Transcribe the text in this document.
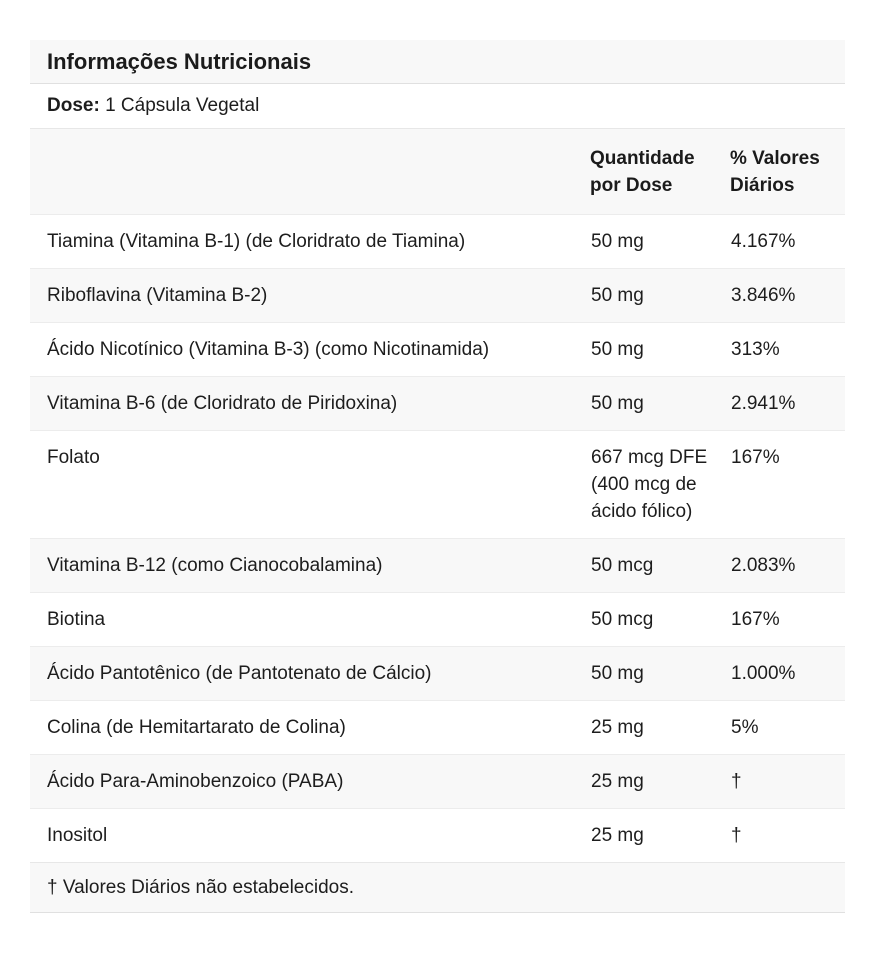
Informações Nutricionais
Dose: 1 Cápsula Vegetal
	Quantidade por Dose	% Valores Diários
Tiamina (Vitamina B-1) (de Cloridrato de Tiamina)	50 mg	4.167%
Riboflavina (Vitamina B-2)	50 mg	3.846%
Ácido Nicotínico (Vitamina B-3) (como Nicotinamida)	50 mg	313%
Vitamina B-6 (de Cloridrato de Piridoxina)	50 mg	2.941%
Folato	667 mcg DFE (400 mcg de ácido fólico)	167%
Vitamina B-12 (como Cianocobalamina)	50 mcg	2.083%
Biotina	50 mcg	167%
Ácido Pantotênico (de Pantotenato de Cálcio)	50 mg	1.000%
Colina (de Hemitartarato de Colina)	25 mg	5%
Ácido Para-Aminobenzoico (PABA)	25 mg	†
Inositol	25 mg	†
† Valores Diários não estabelecidos.
